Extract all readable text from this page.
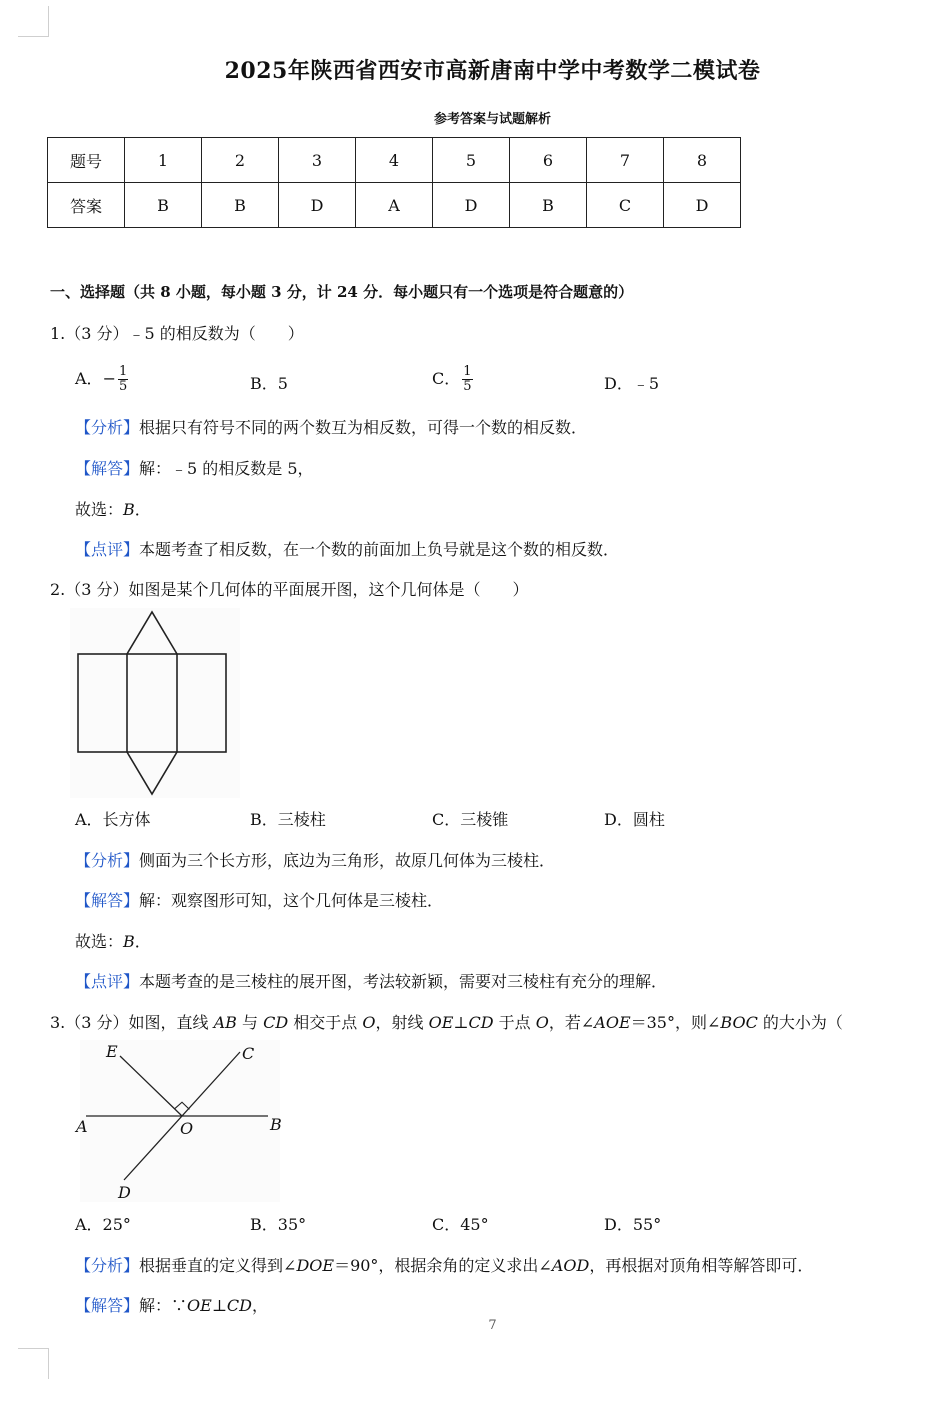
2025年陕西省西安市高新唐南中学中考数学二模试卷
参考答案与试题解析
题号	1	2	3	4	5	6	7	8
答案	B	B	D	A	D	B	C	D
一、选择题（共 8 小题，每小题 3 分，计 24 分．每小题只有一个选项是符合题意的）
1.（3 分）﹣5 的相反数为（　　）
A．− $\frac{1}{5}$	B．5	C． $\frac{1}{5}$	D．﹣5
【分析】根据只有符号不同的两个数互为相反数，可得一个数的相反数．
【解答】解：﹣5 的相反数是 5，
故选：B．
【点评】本题考查了相反数，在一个数的前面加上负号就是这个数的相反数．
2.（3 分）如图是某个几何体的平面展开图，这个几何体是（　　）
A．长方体	B．三棱柱	C．三棱锥	D．圆柱
【分析】侧面为三个长方形，底边为三角形，故原几何体为三棱柱．
【解答】解：观察图形可知，这个几何体是三棱柱．
故选：B．
【点评】本题考查的是三棱柱的展开图，考法较新颖，需要对三棱柱有充分的理解．
3.（3 分）如图，直线 AB 与 CD 相交于点 O，射线 OE⊥CD 于点 O，若∠AOE＝35°，则∠BOC 的大小为（
E	C
A	O	B
D
A．25°	B．35°	C．45°	D．55°
【分析】根据垂直的定义得到∠DOE＝90°，根据余角的定义求出∠AOD，再根据对顶角相等解答即可．
【解答】解：∵OE⊥CD，
7
